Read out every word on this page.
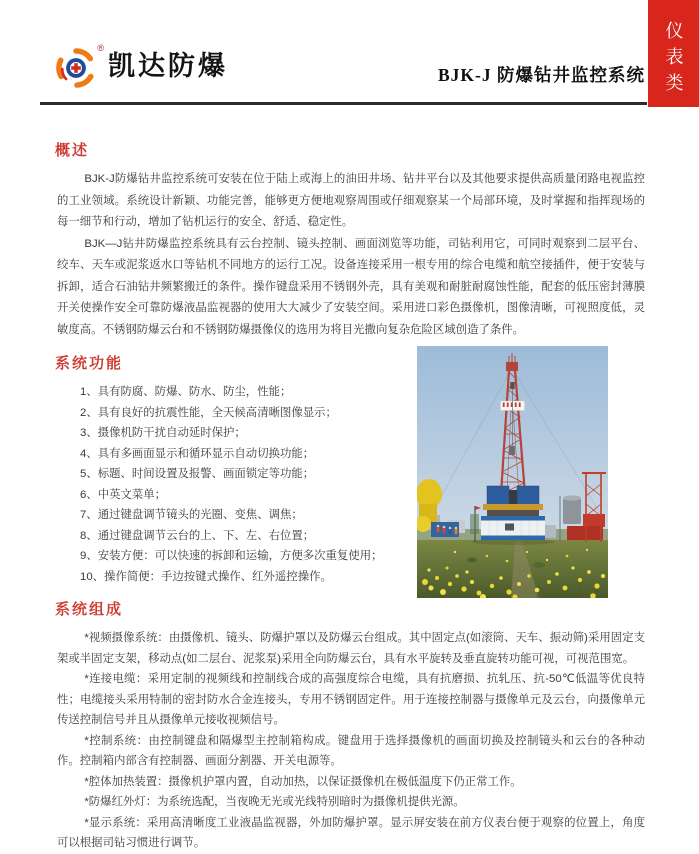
仪表类
®
凯达防爆	BJK-J 防爆钻井监控系统
概述

BJK-J防爆钻井监控系统可安装在位于陆上或海上的油田井场、钻井平台以及其他要求提供高质量闭路电视监控的工业领域。系统设计新颖、功能完善，能够更方便地观察周围或仔细观察某一个局部环境，及时掌握和指挥现场的每一细节和行动，增加了钻机运行的安全、舒适、稳定性。

BJK—J钻井防爆监控系统具有云台控制、镜头控制、画面浏览等功能，司钻利用它，可同时观察到二层平台、绞车、天车或泥浆返水口等钻机不同地方的运行工况。设备连接采用一根专用的综合电缆和航空接插件，便于安装与拆卸，适合石油钻井频繁搬迁的条件。操作键盘采用不锈钢外壳，具有美观和耐脏耐腐蚀性能，配套的低压密封薄膜开关使操作安全可靠防爆液晶监视器的使用大大减少了安装空间。采用进口彩色摄像机，图像清晰，可视照度低，灵敏度高。不锈钢防爆云台和不锈钢防爆摄像仪的选用为将目光撒向复杂危险区域创造了条件。

系统功能
1、具有防腐、防爆、防水、防尘，性能；
2、具有良好的抗震性能，全天候高清晰图像显示；
3、摄像机防干扰自动延时保护；
4、具有多画面显示和循环显示自动切换功能；
5、标题、时间设置及报警、画面锁定等功能；
6、中英文菜单；
7、通过键盘调节镜头的光圈、变焦、调焦；
8、通过键盘调节云台的上、下、左、右位置；
9、安装方便：可以快速的拆卸和运输，方便多次重复使用；
10、操作简便：手边按键式操作、红外遥控操作。
系统组成

*视频摄像系统：由摄像机、镜头、防爆护罩以及防爆云台组成。其中固定点(如滚筒、天车、振动筛)采用固定支架或半固定支架，移动点(如二层台、泥浆泵)采用全向防爆云台，具有水平旋转及垂直旋转功能可视，可视范围宽。

*连接电缆：采用定制的视频线和控制线合成的高强度综合电缆，具有抗磨损、抗轧压、抗-50℃低温等优良特性；电缆接头采用特制的密封防水合金连接头，专用不锈钢固定件。用于连接控制器与摄像单元及云台，向摄像单元传送控制信号并且从摄像单元接收视频信号。

*控制系统：由控制键盘和隔爆型主控制箱构成。键盘用于选择摄像机的画面切换及控制镜头和云台的各种动作。控制箱内部含有控制器、画面分割器、开关电源等。

*腔体加热装置：摄像机护罩内置，自动加热，以保证摄像机在极低温度下仍正常工作。

*防爆红外灯：为系统选配，当夜晚无光或光线特别暗时为摄像机提供光源。

*显示系统：采用高清晰度工业液晶监视器，外加防爆护罩。显示屏安装在前方仪表台便于观察的位置上，角度可以根据司钻习惯进行调节。
